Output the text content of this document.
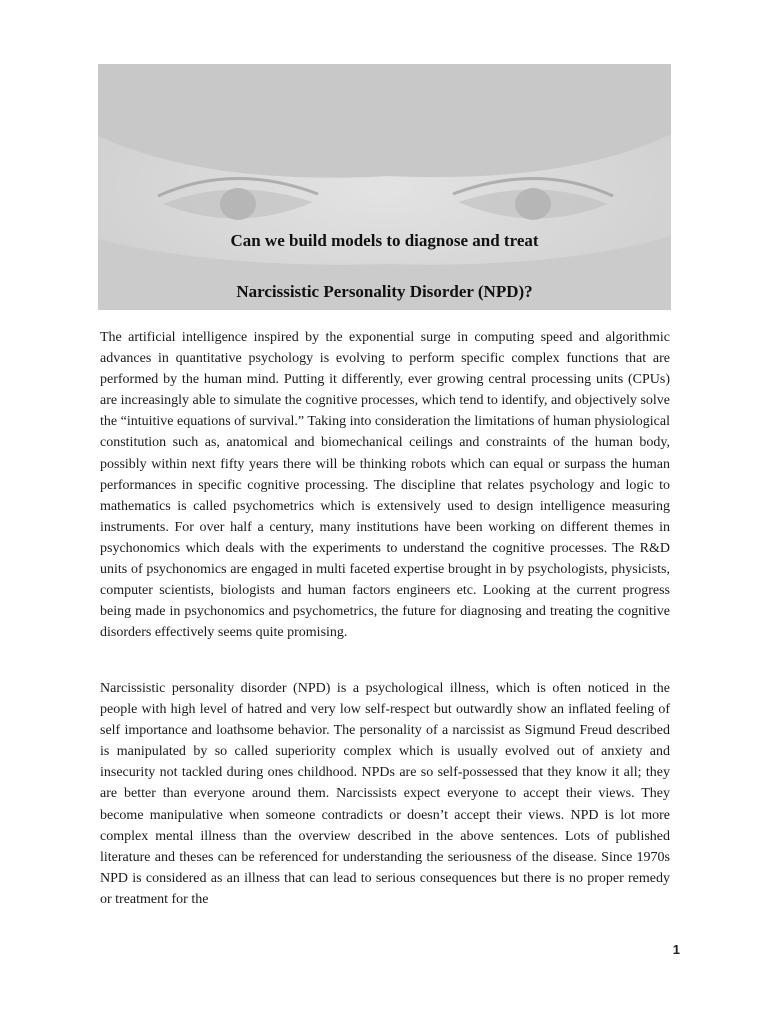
Can we build models to diagnose and treat
Narcissistic Personality Disorder (NPD)?
The artificial intelligence inspired by the exponential surge in computing speed and algorithmic advances in quantitative psychology is evolving to perform specific complex functions that are performed by the human mind. Putting it differently, ever growing central processing units (CPUs) are increasingly able to simulate the cognitive processes, which tend to identify, and objectively solve the “intuitive equations of survival.” Taking into consideration the limitations of human physiological constitution such as, anatomical and biomechanical ceilings and constraints of the human body, possibly within next fifty years there will be thinking robots which can equal or surpass the human performances in specific cognitive processing. The discipline that relates psychology and logic to mathematics is called psychometrics which is extensively used to design intelligence measuring instruments. For over half a century, many institutions have been working on different themes in psychonomics which deals with the experiments to understand the cognitive processes. The R&D units of psychonomics are engaged in multi faceted expertise brought in by psychologists, physicists, computer scientists, biologists and human factors engineers etc. Looking at the current progress being made in psychonomics and psychometrics, the future for diagnosing and treating the cognitive disorders effectively seems quite promising.
Narcissistic personality disorder (NPD) is a psychological illness, which is often noticed in the people with high level of hatred and very low self-respect but outwardly show an inflated feeling of self importance and loathsome behavior. The personality of a narcissist as Sigmund Freud described is manipulated by so called superiority complex which is usually evolved out of anxiety and insecurity not tackled during ones childhood. NPDs are so self-possessed that they know it all; they are better than everyone around them. Narcissists expect everyone to accept their views. They become manipulative when someone contradicts or doesn’t accept their views. NPD is lot more complex mental illness than the overview described in the above sentences. Lots of published literature and theses can be referenced for understanding the seriousness of the disease. Since 1970s NPD is considered as an illness that can lead to serious consequences but there is no proper remedy or treatment for the
1
